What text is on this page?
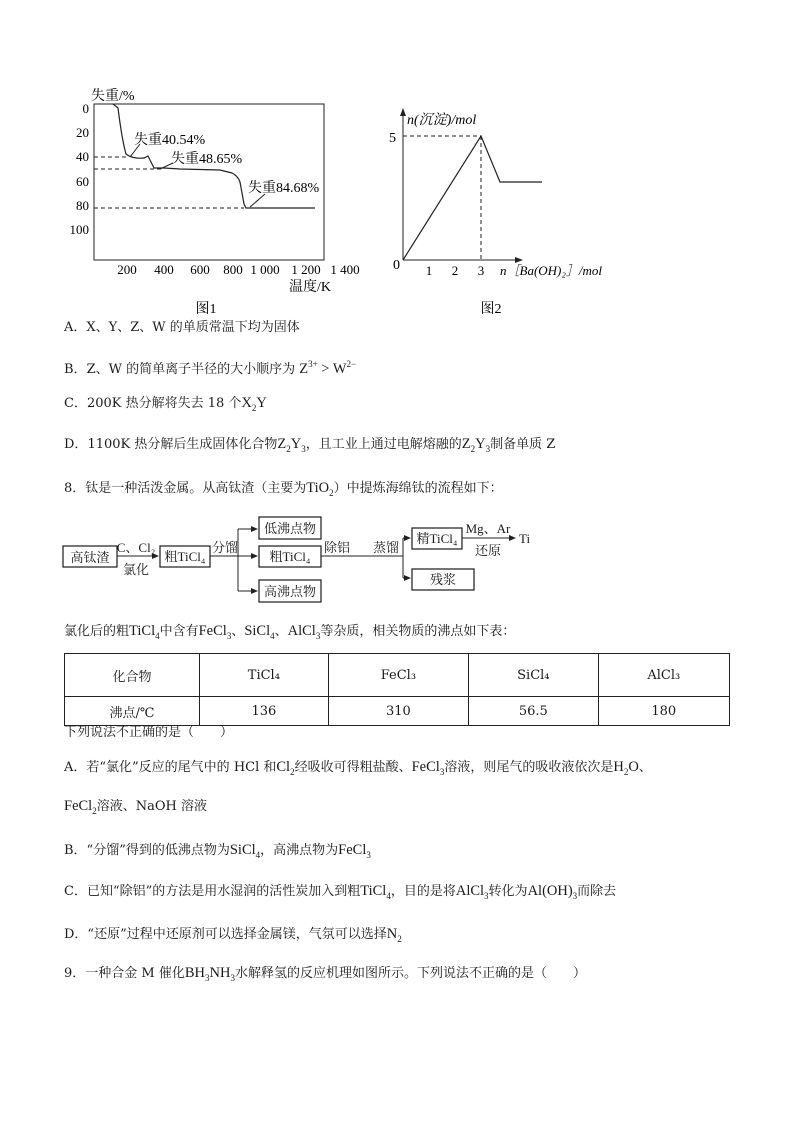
失重/%
0
20
40
60
80
100
200 400 600 800 1 000 1 200 1 400
温度/K
图1
失重40.54%
失重48.65%
失重84.68%
n(沉淀)/mol
0
5
1 2 3 n［Ba(OH)₂］/mol
图2
A．X、Y、Z、W 的单质常温下均为固体
B．Z、W 的简单离子半径的大小顺序为 $Z^{3+} > W^{2-}$
C．200K 热分解将失去 18 个$X_2Y$
D．1100K 热分解后生成固体化合物$Z_2Y_3$，且工业上通过电解熔融的$Z_2Y_3$制备单质 Z
8．钛是一种活泼金属。从高钛渣（主要为TiO$_2$）中提炼海绵钛的流程如下：
高钛渣
C、Cl₂
氯化
粗TiCl₄
分馏
低沸点物
粗TiCl₄
高沸点物
除铝 蒸馏
精TiCl₄
残浆
Mg、Ar
还原
Ti
氯化后的粗TiCl$_4$中含有FeCl$_3$、SiCl$_4$、AlCl$_3$等杂质，相关物质的沸点如下表：
化合物	TiCl₄	FeCl₃	SiCl₄	AlCl₃
沸点/℃	136	310	56.5	180
下列说法不正确的是（　　）
A．若“氯化”反应的尾气中的 HCl 和$Cl_2$经吸收可得粗盐酸、FeCl$_3$溶液，则尾气的吸收液依次是$H_2O$、
FeCl$_2$溶液、NaOH 溶液
B．“分馏”得到的低沸点物为SiCl$_4$，高沸点物为FeCl$_3$
C．已知“除铝”的方法是用水湿润的活性炭加入到粗TiCl$_4$，目的是将AlCl$_3$转化为$Al(OH)_3$而除去
D．“还原”过程中还原剂可以选择金属镁，气氛可以选择$N_2$
9．一种合金 M 催化$BH_3NH_3$水解释氢的反应机理如图所示。下列说法不正确的是（　　）
